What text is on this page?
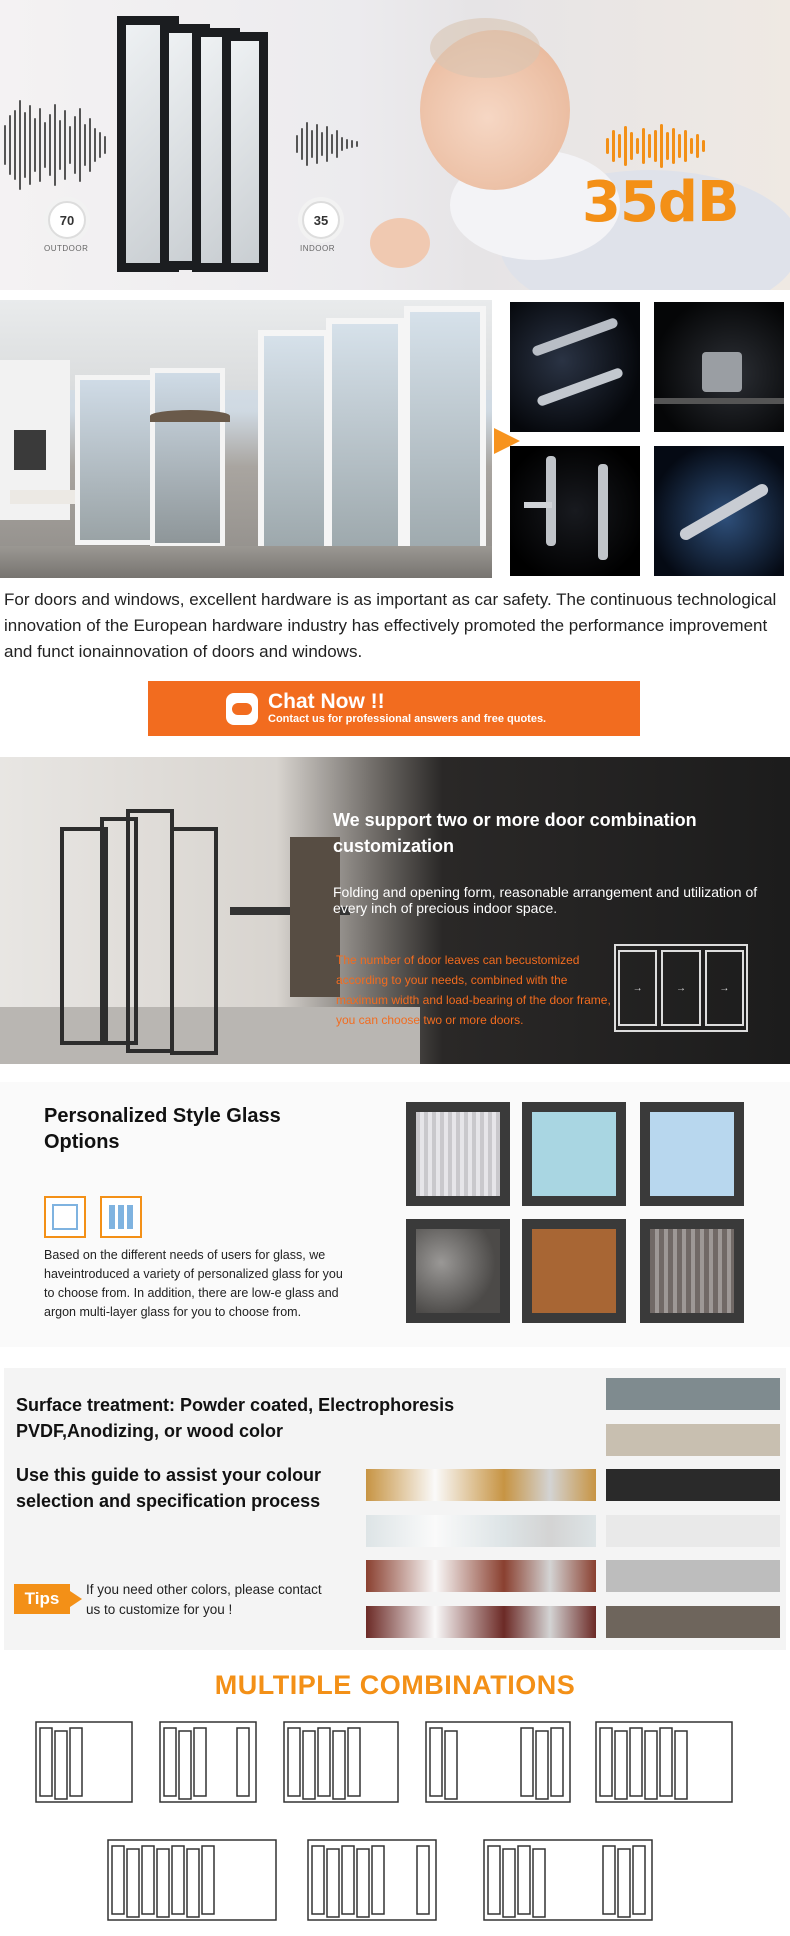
70
OUTDOOR
35
INDOOR
35dB
For doors and windows, excellent hardware is as important as car safety. The continuous technological innovation of the European hardware industry has effectively promoted the performance improvement and funct ionainnovation of doors and windows.
Chat Now !!
Contact us for professional answers and free quotes.
We support two or more door combination customization
Folding and opening form, reasonable arrangement and utilization of every inch of precious indoor space.
The number of door leaves can becustomized according to your needs, combined with the maximum width and load-bearing of the door frame, you can choose two or more doors.
→	→	→
Personalized Style Glass Options
Based on the different needs of users for glass, we haveintroduced a variety of personalized glass for you to choose from. In addition, there are low-e glass and argon multi-layer glass for you to choose from.
Surface treatment: Powder coated, Electrophoresis PVDF,Anodizing, or wood color
Use this guide to assist your colour selection and specification process
Tips	If you need other colors, please contact us to customize for you !
MULTIPLE COMBINATIONS
